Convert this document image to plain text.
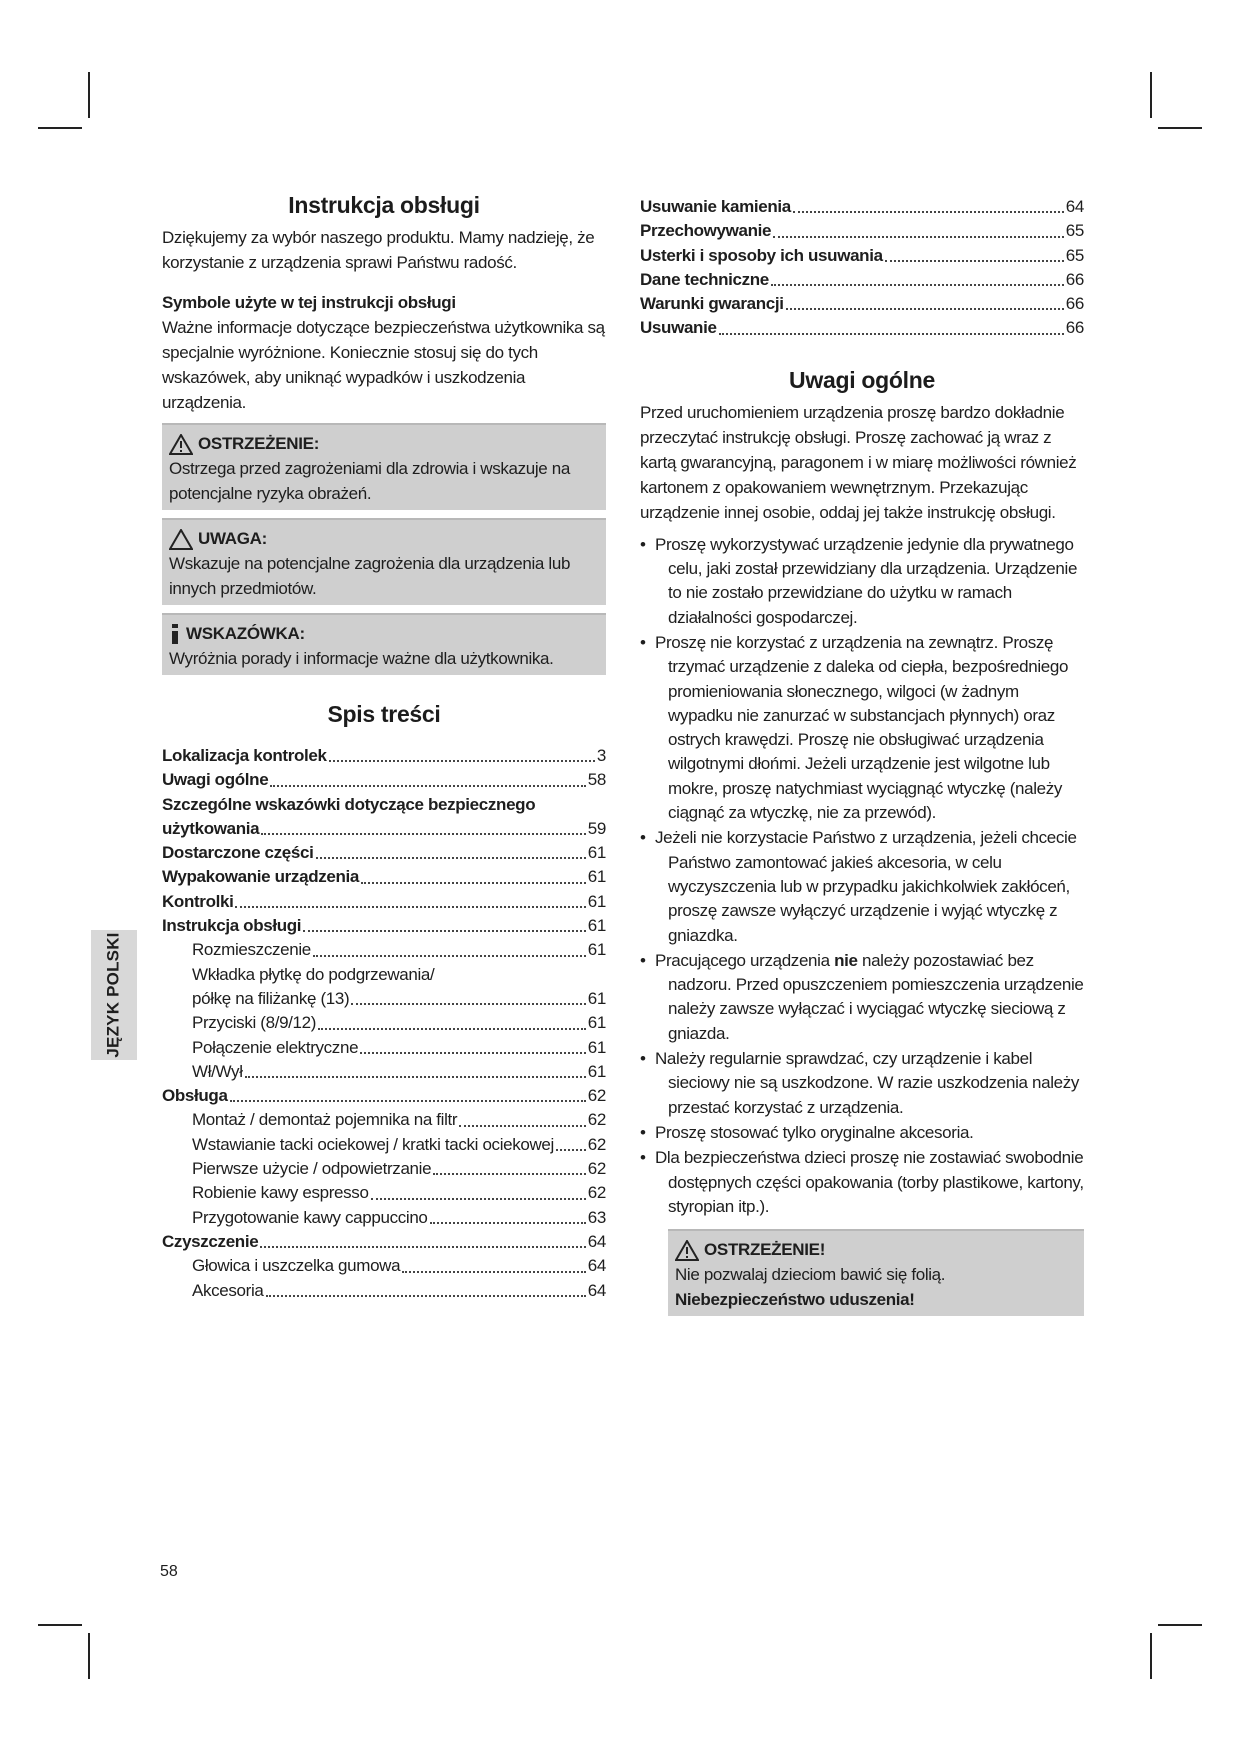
JĘZYK POLSKI
Instrukcja obsługi

Dziękujemy za wybór naszego produktu. Mamy nadzieję, że korzystanie z urządzenia sprawi Państwu radość.

Symbole użyte w tej instrukcji obsługi

Ważne informacje dotyczące bezpieczeństwa użytkownika są specjalnie wyróżnione. Koniecznie stosuj się do tych wskazówek, aby uniknąć wypadków i uszkodzenia urządzenia.

OSTRZEŻENIE:

Ostrzega przed zagrożeniami dla zdrowia i wskazuje na potencjalne ryzyka obrażeń.

UWAGA:

Wskazuje na potencjalne zagrożenia dla urządzenia lub innych przedmiotów.

WSKAZÓWKA:

Wyróżnia porady i informacje ważne dla użytkownika.

Spis treści
Lokalizacja kontrolek	3
Uwagi ogólne	58
Szczególne wskazówki dotyczące bezpiecznego
użytkowania	59
Dostarczone części	61
Wypakowanie urządzenia	61
Kontrolki	61
Instrukcja obsługi	61
Rozmieszczenie	61
Wkładka płytkę do podgrzewania/
półkę na filiżankę (13)	61
Przyciski (8/9/12)	61
Połączenie elektryczne	61
Wł/Wył	61
Obsługa	62
Montaż / demontaż pojemnika na filtr	62
Wstawianie tacki ociekowej / kratki tacki ociekowej 62
Pierwsze użycie / odpowietrzanie	62
Robienie kawy espresso	62
Przygotowanie kawy cappuccino	63
Czyszczenie	64
Głowica i uszczelka gumowa	64
Akcesoria	64
Usuwanie kamienia	64
Przechowywanie	65
Usterki i sposoby ich usuwania	65
Dane techniczne	66
Warunki gwarancji	66
Usuwanie	66
Uwagi ogólne

Przed uruchomieniem urządzenia proszę bardzo dokładnie przeczytać instrukcję obsługi. Proszę zachować ją wraz z kartą gwarancyjną, paragonem i w miarę możliwości również kartonem z opakowaniem wewnętrznym. Przekazując urządzenie innej osobie, oddaj jej także instrukcję obsługi.

• Proszę wykorzystywać urządzenie jedynie dla prywatnego celu, jaki został przewidziany dla urządzenia. Urządzenie to nie zostało przewidziane do użytku w ramach działalności gospodarczej.
• Proszę nie korzystać z urządzenia na zewnątrz. Proszę trzymać urządzenie z daleka od ciepła, bezpośredniego promieniowania słonecznego, wilgoci (w żadnym wypadku nie zanurzać w substancjach płynnych) oraz ostrych krawędzi. Proszę nie obsługiwać urządzenia wilgotnymi dłońmi. Jeżeli urządzenie jest wilgotne lub mokre, proszę natychmiast wyciągnąć wtyczkę (należy ciągnąć za wtyczkę, nie za przewód).
• Jeżeli nie korzystacie Państwo z urządzenia, jeżeli chcecie Państwo zamontować jakieś akcesoria, w celu wyczyszczenia lub w przypadku jakichkolwiek zakłóceń, proszę zawsze wyłączyć urządzenie i wyjąć wtyczkę z gniazdka.
• Pracującego urządzenia nie należy pozostawiać bez nadzoru. Przed opuszczeniem pomieszczenia urządzenie należy zawsze wyłączać i wyciągać wtyczkę sieciową z gniazda.
• Należy regularnie sprawdzać, czy urządzenie i kabel sieciowy nie są uszkodzone. W razie uszkodzenia należy przestać korzystać z urządzenia.
• Proszę stosować tylko oryginalne akcesoria.
• Dla bezpieczeństwa dzieci proszę nie zostawiać swobodnie dostępnych części opakowania (torby plastikowe, kartony, styropian itp.).
OSTRZEŻENIE!

Nie pozwalaj dzieciom bawić się folią. Niebezpieczeństwo uduszenia!

58
